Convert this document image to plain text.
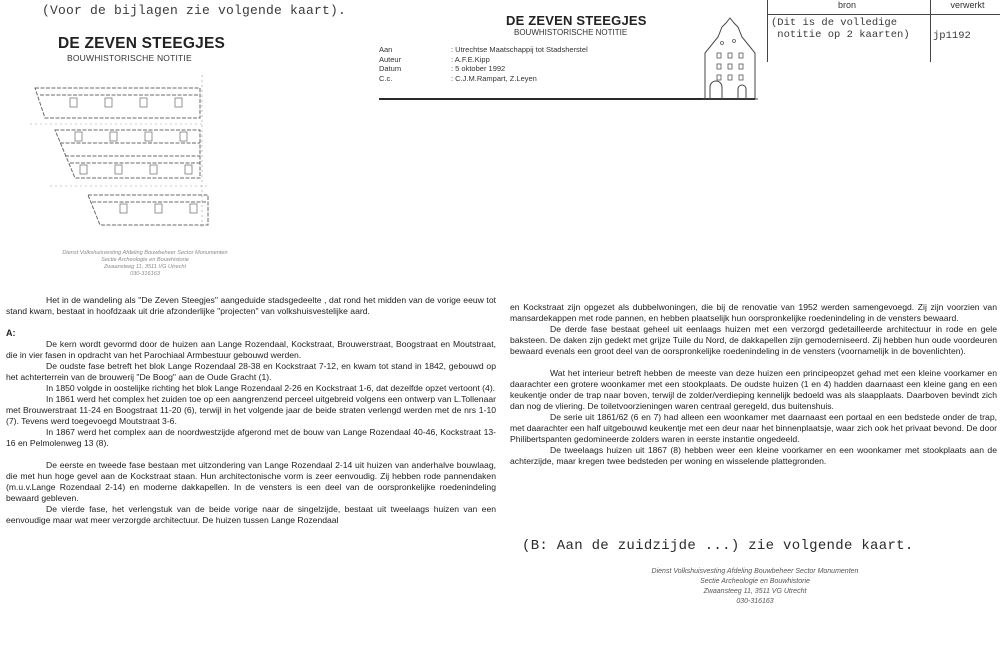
(Voor de bijlagen zie volgende kaart).
DE ZEVEN STEEGJES
BOUWHISTORISCHE NOTITIE
Dienst Volkshuisvesting Afdeling Bouwbeheer Sector Monumenten
Sectie Archeologie en Bouwhistorie
Zwaansteeg 11, 3511 VG Utrecht
030-316163
DE ZEVEN STEEGJES
BOUWHISTORISCHE NOTITIE
Aan	: Utrechtse Maatschappij tot Stadsherstel
Auteur	: A.F.E.Kipp
Datum	: 5 oktober 1992
C.c.	: C.J.M.Rampart, Z.Leyen
bron	verwerkt
(Dit is de volledige
notitie op 2 kaarten) jp1192

Het in de wandeling als "De Zeven Steegjes" aangeduide stadsgedeelte , dat rond het midden van de vorige eeuw tot stand kwam, bestaat in hoofdzaak uit drie afzonderlijke "projecten" van volkshuisvestelijke aard.

A:

De kern wordt gevormd door de huizen aan Lange Rozendaal, Kockstraat, Brouwerstraat, Boogstraat en Moutstraat, die in vier fasen in opdracht van het Parochiaal Armbestuur gebouwd werden.

De oudste fase betreft het blok Lange Rozendaal 28-38 en Kockstraat 7-12, en kwam tot stand in 1842, gebouwd op het achterterrein van de brouwerij "De Boog" aan de Oude Gracht (1).

In 1850 volgde in oostelijke richting het blok Lange Rozendaal 2-26 en Kockstraat 1-6, dat dezelfde opzet vertoont (4).

In 1861 werd het complex het zuiden toe op een aangrenzend perceel uitgebreid volgens een ontwerp van L.Tollenaar met Brouwerstraat 11-24 en Boogstraat 11-20 (6), terwijl in het volgende jaar de beide straten verlengd werden met de nrs 1-10 (7). Tevens werd toegevoegd Moutstraat 3-6.

In 1867 werd het complex aan de noordwestzijde afgerond met de bouw van Lange Rozendaal 40-46, Kockstraat 13-16 en Pelmolenweg 13 (8).

De eerste en tweede fase bestaan met uitzondering van Lange Rozendaal 2-14 uit huizen van anderhalve bouwlaag, die met hun hoge gevel aan de Kockstraat staan. Hun architectonische vorm is zeer eenvoudig. Zij hebben rode pannendaken (m.u.v.Lange Rozendaal 2-14) en moderne dakkapellen. In de vensters is een deel van de oorspronkelijke roedenindeling bewaard gebleven.

De vierde fase, het verlengstuk van de beide vorige naar de singelzijde, bestaat uit tweelaags huizen van een eenvoudige maar wat meer verzorgde architectuur. De huizen tussen Lange Rozendaal

en Kockstraat zijn opgezet als dubbelwoningen, die bij de renovatie van 1952 werden samengevoegd. Zij zijn voorzien van mansardekappen met rode pannen, en hebben plaatselijk hun oorspronkelijke roedenindeling in de vensters bewaard.

De derde fase bestaat geheel uit eenlaags huizen met een verzorgd gedetailleerde architectuur in rode en gele baksteen. De daken zijn gedekt met grijze Tuile du Nord, de dakkapellen zijn gemoderniseerd. Zij hebben hun oude voordeuren bewaard evenals een groot deel van de oorspronkelijke roedenindeling in de vensters (voornamelijk in de bovenlichten).

Wat het interieur betreft hebben de meeste van deze huizen een principeopzet gehad met een kleine voorkamer en daarachter een grotere woonkamer met een stookplaats. De oudste huizen (1 en 4) hadden daarnaast een kleine gang en een keukentje onder de trap naar boven, terwijl de zolder/verdieping kennelijk bedoeld was als slaapplaats. Daarboven bevindt zich dan nog de vliering. De toiletvoorzieningen waren centraal geregeld, dus buitenshuis.

De serie uit 1861/62 (6 en 7) had alleen een woonkamer met daarnaast een portaal en een bedstede onder de trap, met daarachter een half uitgebouwd keukentje met een deur naar het binnenplaatsje, waar zich ook het privaat bevond. De door Philibertspanten gedomineerde zolders waren in eerste instantie ongedeeld.

De tweelaags huizen uit 1867 (8) hebben weer een kleine voorkamer en een woonkamer met stookplaats aan de achterzijde, maar kregen twee bedsteden per woning en wisselende plattegronden.

(B: Aan de zuidzijde ...) zie volgende kaart.
Dienst Volkshuisvesting Afdeling Bouwbeheer Sector Monumenten
Sectie Archeologie en Bouwhistorie
Zwaansteeg 11, 3511 VG Utrecht
030-316163
